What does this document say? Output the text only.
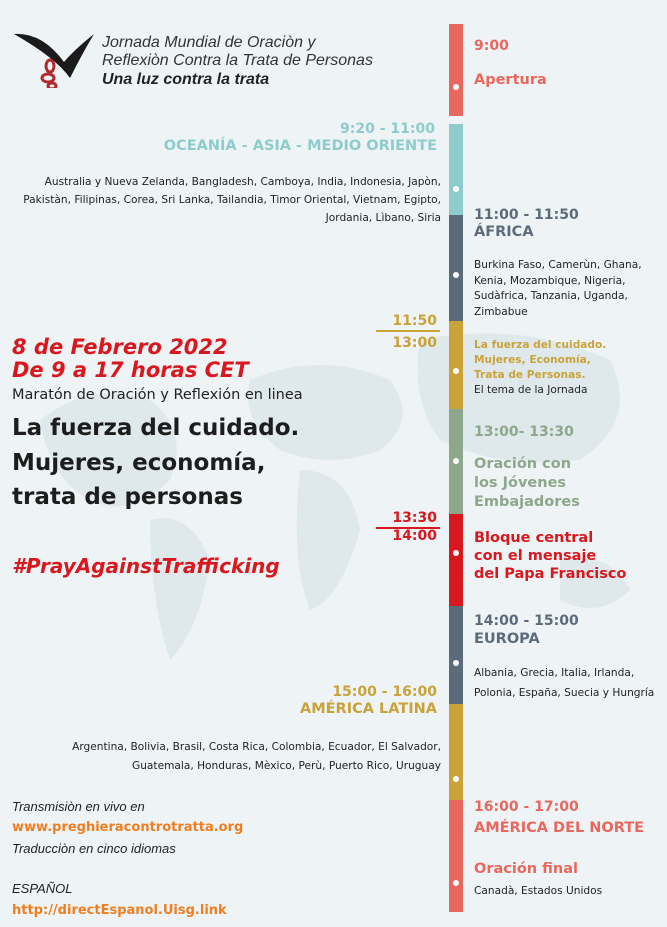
Jornada Mundial de Oraciòn y
Reflexiòn Contra la Trata de Personas
Una luz contra la trata
9:00
Apertura
9:20 - 11:00
OCEANÍA - ASIA - MEDIO ORIENTE
Australia y Nueva Zelanda, Bangladesh, Camboya, India, Indonesia, Japòn,
Pakistàn, Filipinas, Corea, Sri Lanka, Tailandia, Timor Oriental, Vietnam, Egipto,
Jordania, Lìbano, Siria 11:00 - 11:50
ÁFRICA
Burkina Faso, Camerùn, Ghana,
Kenia, Mozambique, Nigeria,
Sudàfrica, Tanzania, Uganda,
Zimbabue
11:50
13:00	La fuerza del cuidado.
Mujeres, Economía,
Trata de Personas.
El tema de la Jornada
13:00- 13:30
Oración con
los Jóvenes
Embajadores
13:30
14:00	Bloque central
con el mensaje
del Papa Francisco
14:00 - 15:00
EUROPA
Albania, Grecia, Italia, Irlanda,
Polonia, España, Suecia y Hungría
15:00 - 16:00
AMÉRICA LATINA
Argentina, Bolivia, Brasil, Costa Rica, Colombia, Ecuador, El Salvador,
Guatemala, Honduras, Mèxico, Perù, Puerto Rico, Uruguay
16:00 - 17:00
AMÉRICA DEL NORTE
Oración final
Canadà, Estados Unidos
8 de Febrero 2022
De 9 a 17 horas CET
Maratón de Oración y Reflexión en linea
La fuerza del cuidado.
Mujeres, economía,
trata de personas
#PrayAgainstTrafficking
Transmisiòn en vivo en
www.preghieracontrotratta.org
Traducciòn en cinco idiomas
ESPAÑOL
http://directEspanol.Uisg.link
